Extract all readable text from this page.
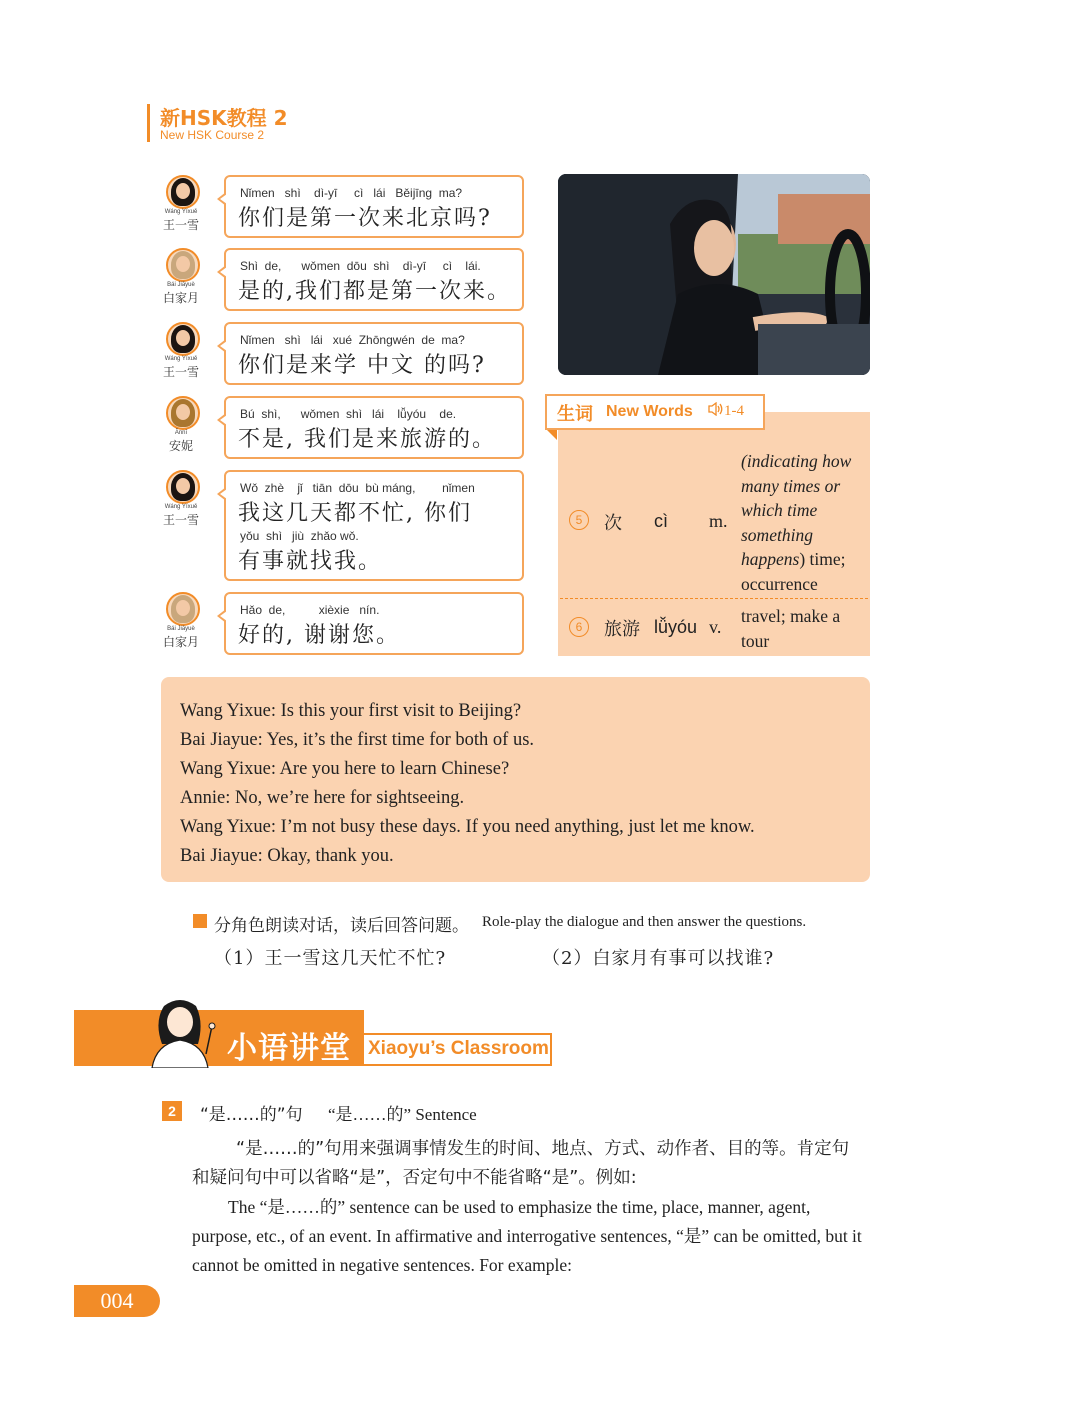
新HSK教程 2
New HSK Course 2
Wáng Yíxuě
王一雪
Nǐmen   shì    dì-yī     cì   lái   Běijīng  ma?
你们是第一次来北京吗?
Bái Jiāyuè
白家月
Shì  de,      wǒmen  dōu  shì    dì-yī     cì    lái.
是的,我们都是第一次来。
Wáng Yíxuě
王一雪
Nǐmen   shì   lái   xué  Zhōngwén  de  ma?
你们是来学 中文 的吗?
Ānnī
安妮
Bú  shì,      wǒmen  shì   lái    lǚyóu    de.
不是, 我们是来旅游的。
Wáng Yíxuě
王一雪
Wǒ  zhè    jǐ   tiān  dōu  bù máng,        nǐmen
我这几天都不忙, 你们
yǒu  shì   jiù  zhǎo wǒ.
有事就找我。
Bái Jiāyuè
白家月
Hǎo  de,          xièxie   nín.
好的, 谢谢您。
生词 New Words	1-4
5	次 cì m.
(indicating how
many times or
which time
something
happens) time;
occurrence
6	旅游 lǚyóu v.
travel; make a
tour
Wang Yixue: Is this your first visit to Beijing?
Bai Jiayue: Yes, it’s the first time for both of us.
Wang Yixue: Are you here to learn Chinese?
Annie: No, we’re here for sightseeing.
Wang Yixue: I’m not busy these days. If you need anything, just let me know.
Bai Jiayue: Okay, thank you.
分角色朗读对话，读后回答问题。 Role-play the dialogue and then answer the questions.
（1）王一雪这几天忙不忙?	（2）白家月有事可以找谁?
小语讲堂 Xiaoyu’s Classroom
2	“是……的”句 “是……的” Sentence
“是……的”句用来强调事情发生的时间、地点、方式、动作者、目的等。肯定句
和疑问句中可以省略“是”，否定句中不能省略“是”。例如:
The “是……的” sentence can be used to emphasize the time, place, manner, agent,
purpose, etc., of an event. In affirmative and interrogative sentences, “是” can be omitted, but it
cannot be omitted in negative sentences. For example:
004
